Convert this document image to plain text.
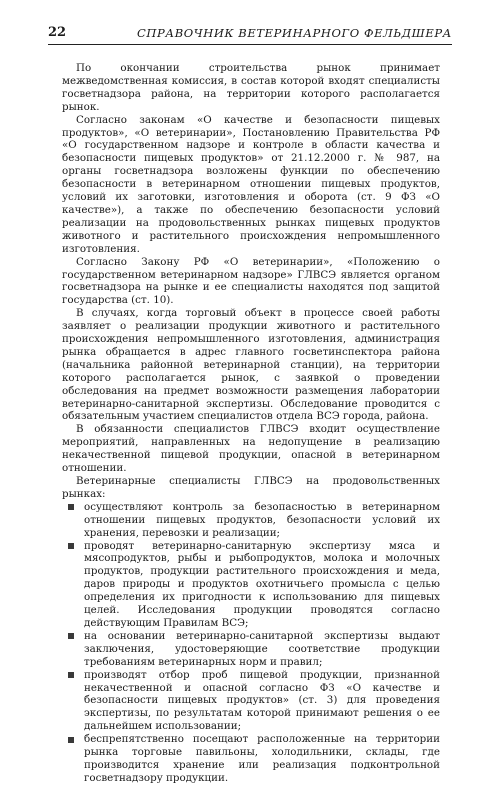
22	СПРАВОЧНИК ВЕТЕРИНАРНОГО ФЕЛЬДШЕРА

По окончании строительства рынок принимает межведомственная комиссия, в состав которой входят специалисты госветнадзора района, на территории которого располагается рынок.

Согласно законам «О качестве и безопасности пищевых продуктов», «О ветеринарии», Постановлению Правительства РФ «О государственном надзоре и контроле в области качества и безопасности пищевых продуктов» от 21.12.2000 г. № 987, на органы госветнадзора возложены функции по обеспечению безопасности в ветеринарном отношении пищевых продуктов, условий их заготовки, изготовления и оборота (ст. 9 ФЗ «О качестве»), а также по обеспечению безопасности условий реализации на продовольственных рынках пищевых продуктов животного и растительного происхождения непромышленного изготовления.

Согласно Закону РФ «О ветеринарии», «Положению о государственном ветеринарном надзоре» ГЛВСЭ является органом госветнадзора на рынке и ее специалисты находятся под защитой государства (ст. 10).

В случаях, когда торговый объект в процессе своей работы заявляет о реализации продукции животного и растительного происхождения непромышленного изготовления, администрация рынка обращается в адрес главного госветинспектора района (начальника районной ветеринарной станции), на территории которого располагается рынок, с заявкой о проведении обследования на предмет возможности размещения лаборатории ветеринарно-санитарной экспертизы. Обследование проводится с обязательным участием специалистов отдела ВСЭ города, района.

В обязанности специалистов ГЛВСЭ входит осуществление мероприятий, направленных на недопущение в реализацию некачественной пищевой продукции, опасной в ветеринарном отношении.

Ветеринарные специалисты ГЛВСЭ на продовольственных рынках:

осуществляют контроль за безопасностью в ветеринарном отношении пищевых продуктов, безопасности условий их хранения, перевозки и реализации;
проводят ветеринарно-санитарную экспертизу мяса и мясопродуктов, рыбы и рыбопродуктов, молока и молочных продуктов, продукции растительного происхождения и меда, даров природы и продуктов охотничьего промысла с целью определения их пригодности к использованию для пищевых целей. Исследования продукции проводятся согласно действующим Правилам ВСЭ;
на основании ветеринарно-санитарной экспертизы выдают заключения, удостоверяющие соответствие продукции требованиям ветеринарных норм и правил;
производят отбор проб пищевой продукции, признанной некачественной и опасной согласно ФЗ «О качестве и безопасности пищевых продуктов» (ст. 3) для проведения экспертизы, по результатам которой принимают решения о ее дальнейшем использовании;
беспрепятственно посещают расположенные на территории рынка торговые павильоны, холодильники, склады, где производится хранение или реализация подконтрольной госветнадзору продукции.
